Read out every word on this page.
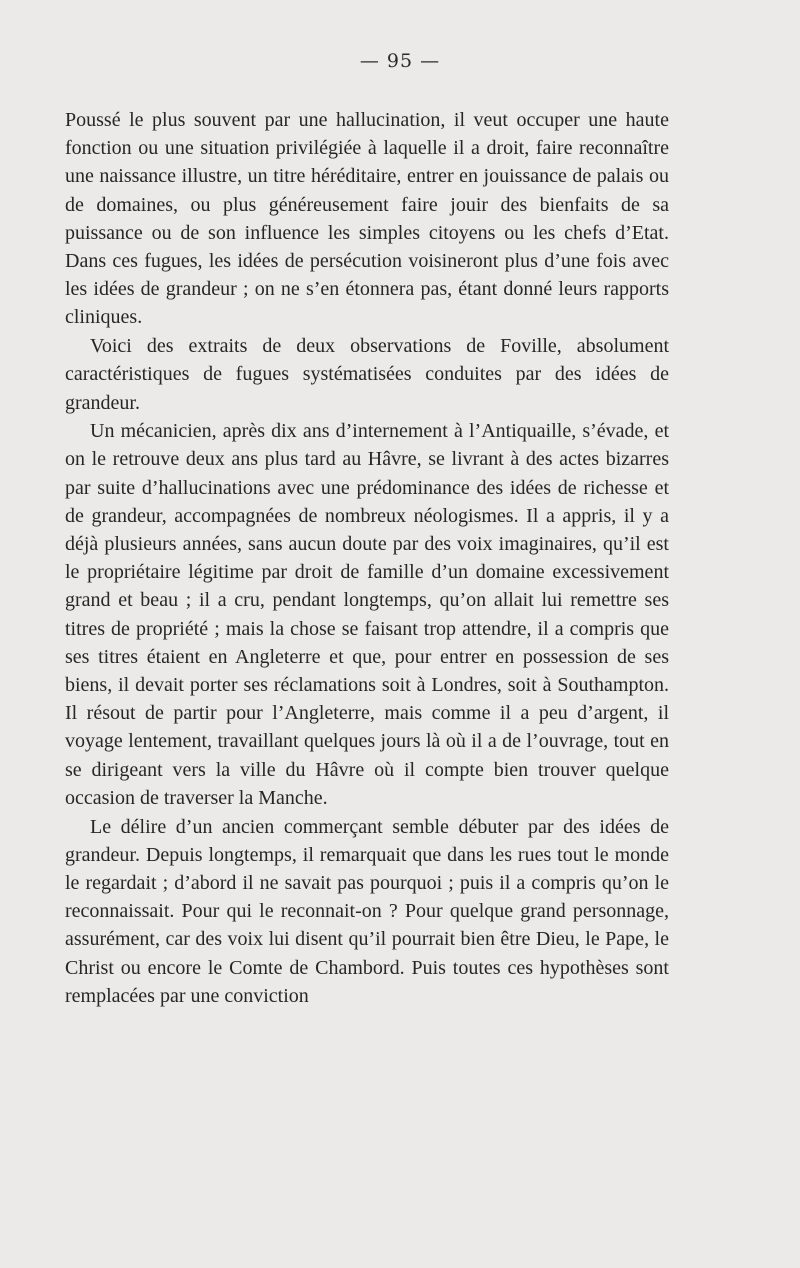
— 95 —

Poussé le plus souvent par une hallucination, il veut occuper une haute fonction ou une situation privilégiée à laquelle il a droit, faire reconnaître une naissance illustre, un titre héréditaire, entrer en jouissance de palais ou de domaines, ou plus généreusement faire jouir des bienfaits de sa puissance ou de son influence les simples citoyens ou les chefs d’Etat. Dans ces fugues, les idées de persécution voisineront plus d’une fois avec les idées de grandeur ; on ne s’en étonnera pas, étant donné leurs rapports cliniques.

Voici des extraits de deux observations de Foville, absolument caractéristiques de fugues systématisées conduites par des idées de grandeur.

Un mécanicien, après dix ans d’internement à l’Antiquaille, s’évade, et on le retrouve deux ans plus tard au Hâvre, se livrant à des actes bizarres par suite d’hallucinations avec une prédominance des idées de richesse et de grandeur, accompagnées de nombreux néologismes. Il a appris, il y a déjà plusieurs années, sans aucun doute par des voix imaginaires, qu’il est le propriétaire légitime par droit de famille d’un domaine excessivement grand et beau ; il a cru, pendant longtemps, qu’on allait lui remettre ses titres de propriété ; mais la chose se faisant trop attendre, il a compris que ses titres étaient en Angleterre et que, pour entrer en possession de ses biens, il devait porter ses réclamations soit à Londres, soit à Southampton. Il résout de partir pour l’Angleterre, mais comme il a peu d’argent, il voyage lentement, travaillant quelques jours là où il a de l’ouvrage, tout en se dirigeant vers la ville du Hâvre où il compte bien trouver quelque occasion de traverser la Manche.

Le délire d’un ancien commerçant semble débuter par des idées de grandeur. Depuis longtemps, il remarquait que dans les rues tout le monde le regardait ; d’abord il ne savait pas pourquoi ; puis il a compris qu’on le reconnaissait. Pour qui le reconnait-on ? Pour quelque grand personnage, assurément, car des voix lui disent qu’il pourrait bien être Dieu, le Pape, le Christ ou encore le Comte de Chambord. Puis toutes ces hypothèses sont remplacées par une conviction
